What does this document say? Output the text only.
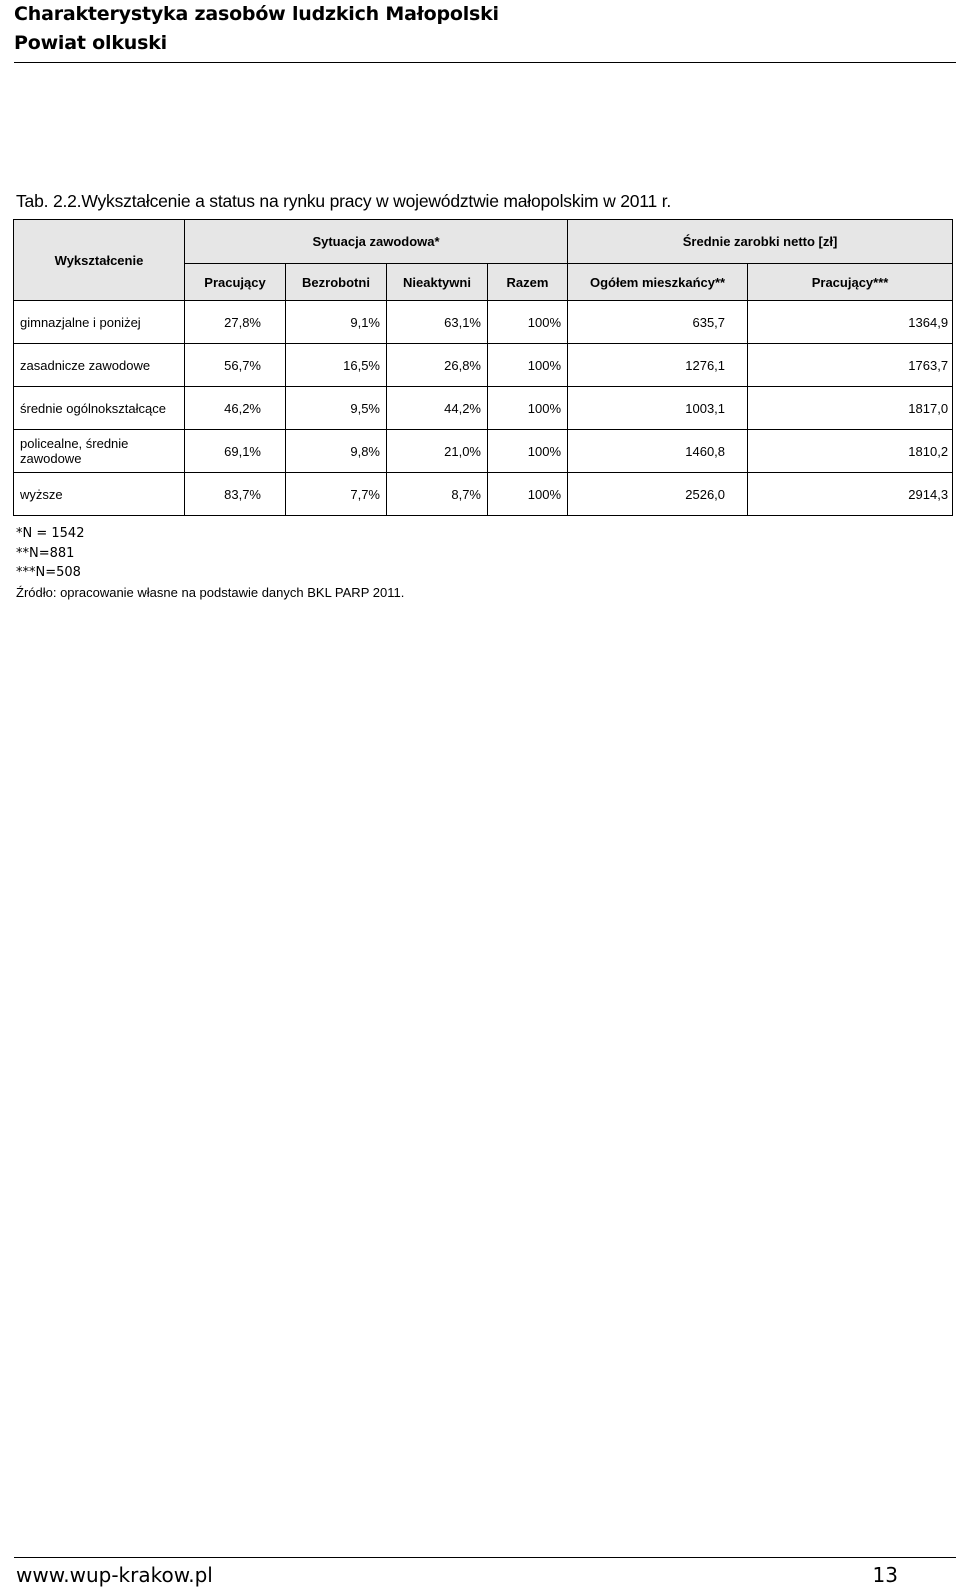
Charakterystyka zasobów ludzkich Małopolski
Powiat olkuski
Tab. 2.2.Wykształcenie a status na rynku pracy w województwie małopolskim w 2011 r.
Wykształcenie	Sytuacja zawodowa*				Średnie zarobki netto [zł]	
	Pracujący	Bezrobotni	Nieaktywni	Razem	Ogółem mieszkańcy**	Pracujący***
gimnazjalne i poniżej	27,8%	9,1%	63,1%	100%	635,7	1364,9
zasadnicze zawodowe	56,7%	16,5%	26,8%	100%	1276,1	1763,7
średnie ogólnokształcące	46,2%	9,5%	44,2%	100%	1003,1	1817,0
policealne, średnie zawodowe	69,1%	9,8%	21,0%	100%	1460,8	1810,2
wyższe	83,7%	7,7%	8,7%	100%	2526,0	2914,3
*N = 1542
**N=881
***N=508
Źródło: opracowanie własne na podstawie danych BKL PARP 2011.
www.wup-krakow.pl	13
